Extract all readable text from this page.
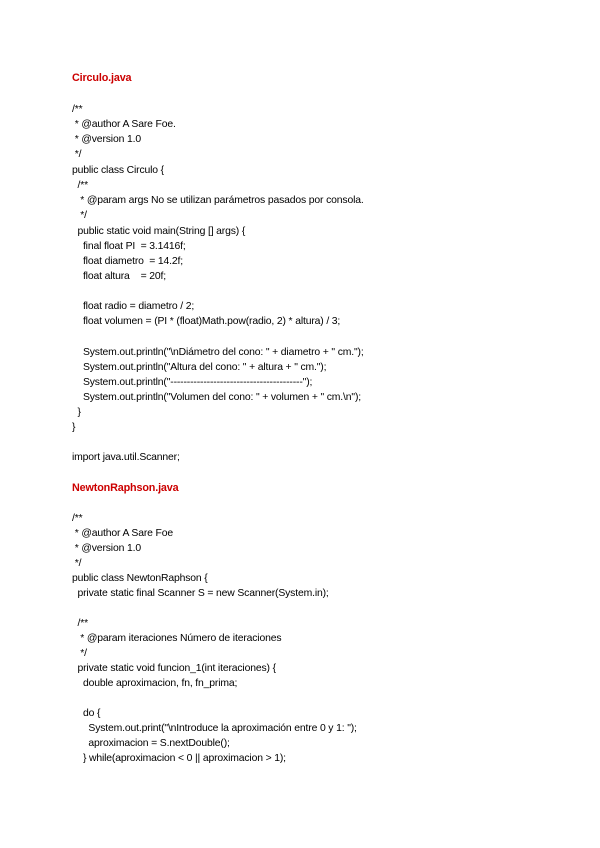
Circulo.java
/**
* @author A Sare Foe.
* @version 1.0
*/
public class Circulo {
/**
* @param args No se utilizan parámetros pasados por consola.
*/
public static void main(String [] args) {
final float PI  = 3.1416f;
float diametro  = 14.2f;
float altura    = 20f;
float radio = diametro / 2;
float volumen = (PI * (float)Math.pow(radio, 2) * altura) / 3;
System.out.println("\nDiámetro del cono: " + diametro + " cm.");
System.out.println("Altura del cono: " + altura + " cm.");
System.out.println("----------------------------------------");
System.out.println("Volumen del cono: " + volumen + " cm.\n");
}
}
import java.util.Scanner;
NewtonRaphson.java
/**
* @author A Sare Foe
* @version 1.0
*/
public class NewtonRaphson {
private static final Scanner S = new Scanner(System.in);
/**
* @param iteraciones Número de iteraciones
*/
private static void funcion_1(int iteraciones) {
double aproximacion, fn, fn_prima;
do {
System.out.print("\nIntroduce la aproximación entre 0 y 1: ");
aproximacion = S.nextDouble();
} while(aproximacion < 0 || aproximacion > 1);
